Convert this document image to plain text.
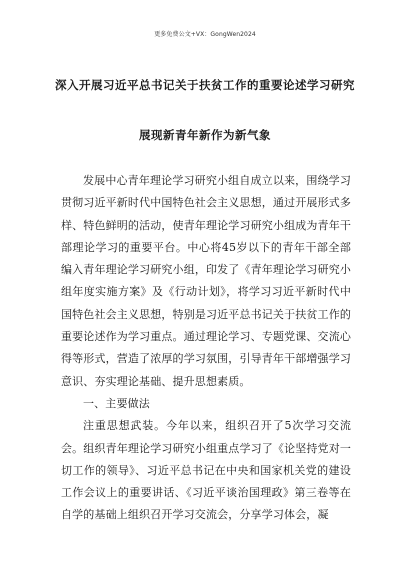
更多免费公文+VX：GongWen2024
深入开展习近平总书记关于扶贫工作的重要论述学习研究
展现新青年新作为新气象

发展中心青年理论学习研究小组自成立以来，围绕学习贯彻习近平新时代中国特色社会主义思想，通过开展形式多样、特色鲜明的活动，使青年理论学习研究小组成为青年干部理论学习的重要平台。中心将45岁以下的青年干部全部编入青年理论学习研究小组，印发了《青年理论学习研究小组年度实施方案》及《行动计划》，将学习习近平新时代中国特色社会主义思想，特别是习近平总书记关于扶贫工作的重要论述作为学习重点。通过理论学习、专题党课、交流心得等形式，营造了浓厚的学习氛围，引导青年干部增强学习意识、夯实理论基础、提升思想素质。

一、主要做法

注重思想武装。今年以来，组织召开了5次学习交流会。组织青年理论学习研究小组重点学习了《论坚持党对一切工作的领导》、习近平总书记在中央和国家机关党的建设工作会议上的重要讲话、《习近平谈治国理政》第三卷等在自学的基础上组织召开学习交流会，分享学习体会，凝
